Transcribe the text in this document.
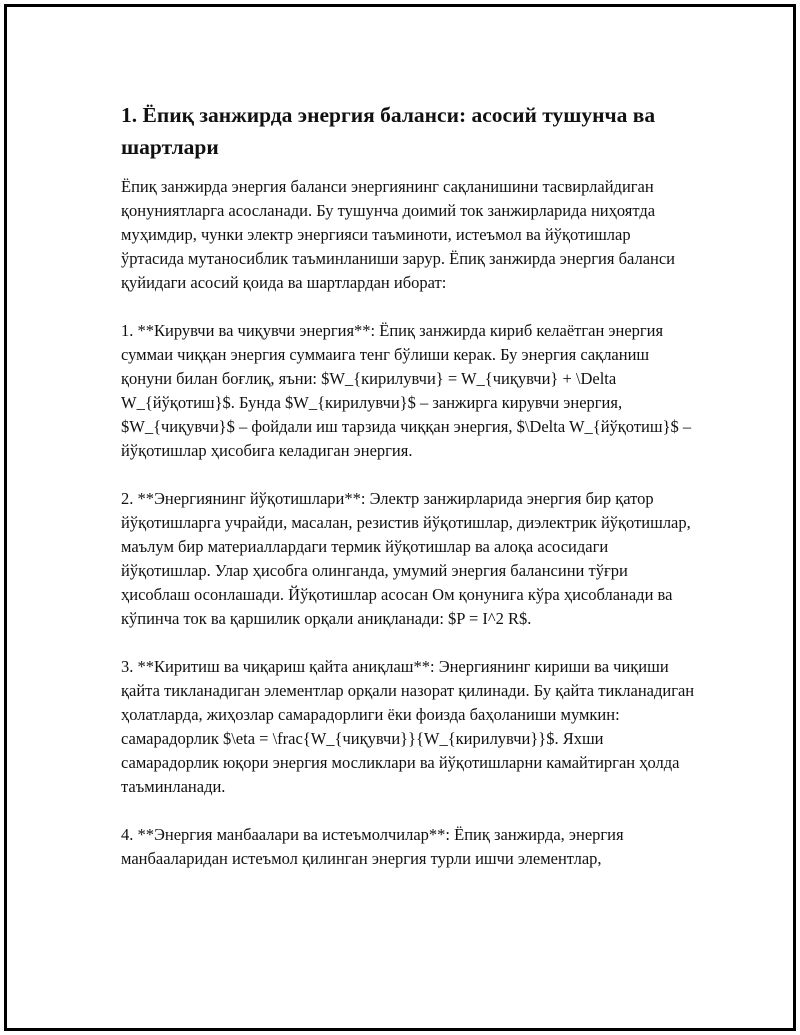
1. Ёпиқ занжирда энергия баланси: асосий тушунча ва шартлари

Ёпиқ занжирда энергия баланси энергиянинг сақланишини тасвирлайдиган қонуниятларга асосланади. Бу тушунча доимий ток занжирларида ниҳоятда муҳимдир, чунки электр энергияси таъминоти, истеъмол ва йўқотишлар ўртасида мутаносиблик таъминланиши зарур. Ёпиқ занжирда энергия баланси қуйидаги асосий қоида ва шартлардан иборат:

1. **Кирувчи ва чиқувчи энергия**: Ёпиқ занжирда кириб келаётган энергия суммаи чиққан энергия суммаига тенг бўлиши керак. Бу энергия сақланиш қонуни билан боғлиқ, яъни: $W_{кирилувчи} = W_{чиқувчи} + \Delta W_{йўқотиш}$. Бунда $W_{кирилувчи}$ – занжирга кирувчи энергия, $W_{чиқувчи}$ – фойдали иш тарзида чиққан энергия, $\Delta W_{йўқотиш}$ – йўқотишлар ҳисобига келадиган энергия.

2. **Энергиянинг йўқотишлари**: Электр занжирларида энергия бир қатор йўқотишларга учрайди, масалан, резистив йўқотишлар, диэлектрик йўқотишлар, маълум бир материаллардаги термик йўқотишлар ва алоқа асосидаги йўқотишлар. Улар ҳисобга олинганда, умумий энергия балансини тўғри ҳисоблаш осонлашади. Йўқотишлар асосан Ом қонунига кўра ҳисобланади ва кўпинча ток ва қаршилик орқали аниқланади: $P = I^2 R$.

3. **Киритиш ва чиқариш қайта аниқлаш**: Энергиянинг кириши ва чиқиши қайта тикланадиган элементлар орқали назорат қилинади. Бу қайта тикланадиган ҳолатларда, жиҳозлар самарадорлиги ёки фоизда баҳоланиши мумкин: самарадорлик $\eta = \frac{W_{чиқувчи}}{W_{кирилувчи}}$. Яхши самарадорлик юқори энергия мосликлари ва йўқотишларни камайтирган ҳолда таъминланади.

4. **Энергия манбаалари ва истеъмолчилар**: Ёпиқ занжирда, энергия манбааларидан истеъмол қилинган энергия турли ишчи элементлар,
